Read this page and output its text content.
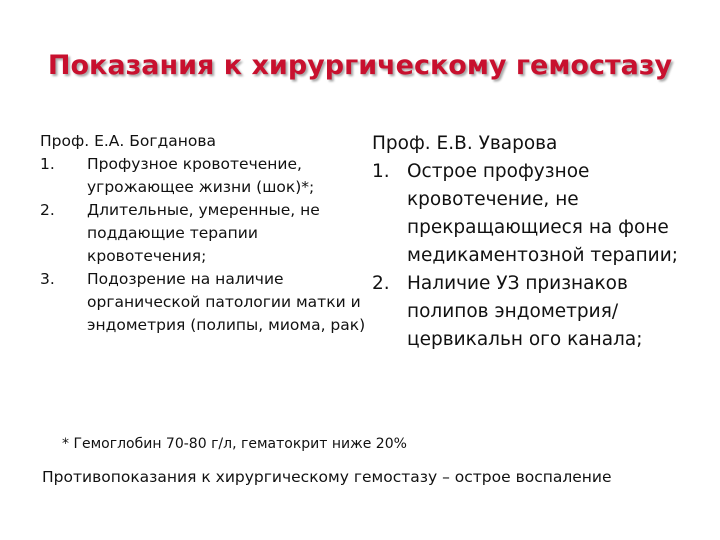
Показания к хирургическому гемостазу

Проф. Е.А. Богданова

1.	Профузное кровотечение, угрожающее жизни (шок)*;
2.	Длительные, умеренные, не поддающие терапии кровотечения;
3.	Подозрение на наличие органической патологии матки и эндометрия (полипы, миома, рак)

Проф. Е.В. Уварова

1. Острое профузное кровотечение, не прекращающиеся на фоне медикаментозной терапии;
2. Наличие УЗ признаков полипов эндометрия/цервикальн ого канала;
* Гемоглобин 70-80 г/л, гематокрит ниже 20%
Противопоказания к хирургическому гемостазу – острое воспаление
